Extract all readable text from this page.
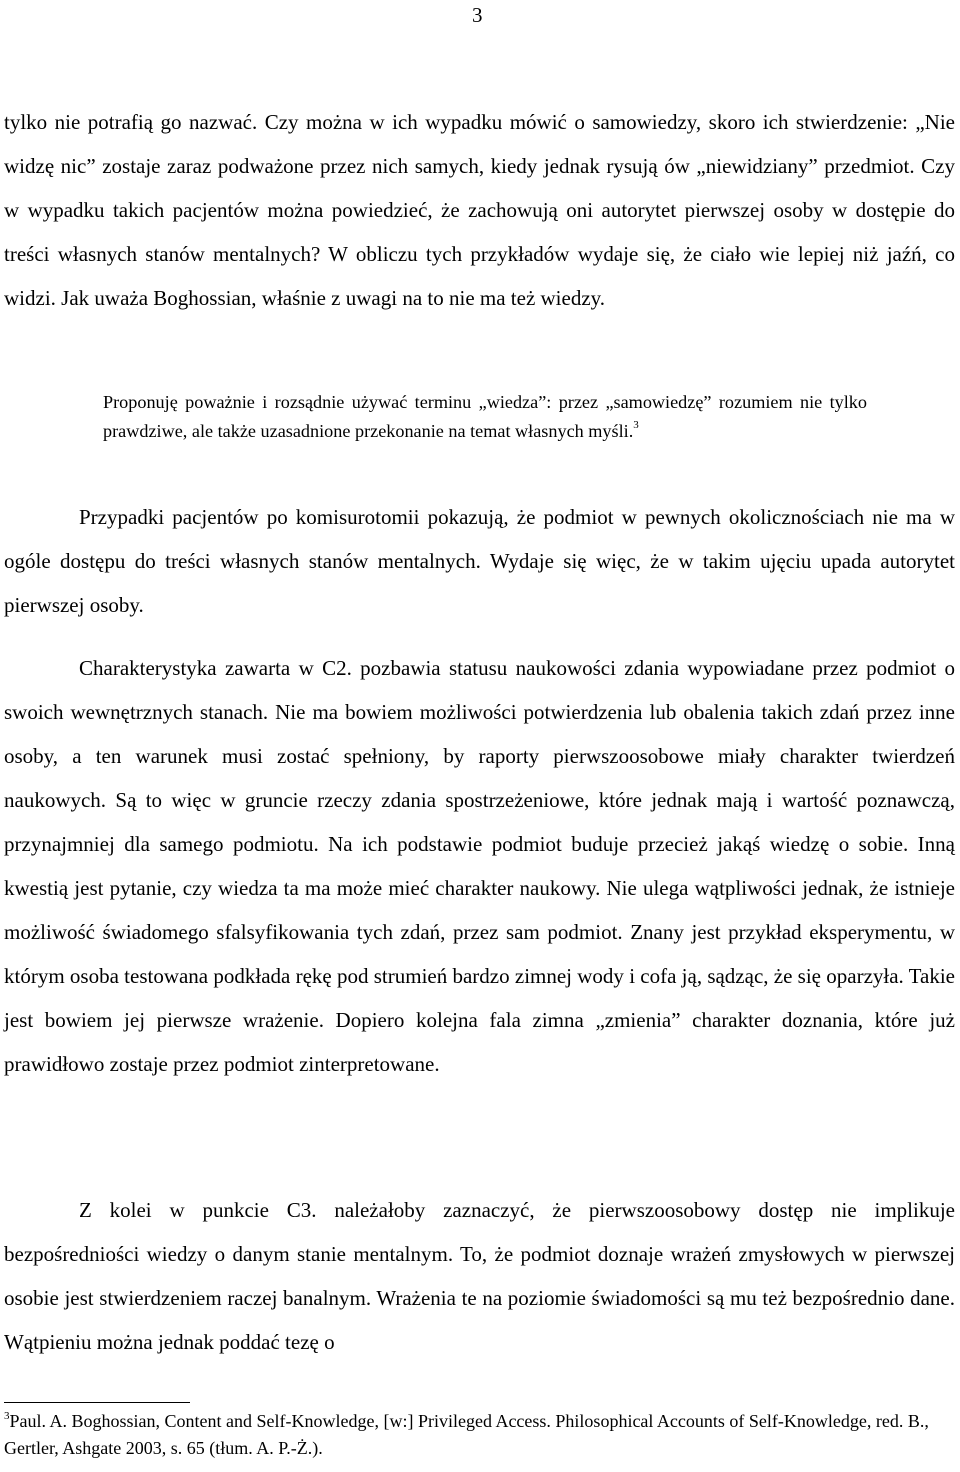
3

tylko nie potrafią go nazwać. Czy można w ich wypadku mówić o samowiedzy, skoro ich stwierdzenie: „Nie widzę nic” zostaje zaraz podważone przez nich samych, kiedy jednak rysują ów „niewidziany” przedmiot. Czy w wypadku takich pacjentów można powiedzieć, że zachowują oni autorytet pierwszej osoby w dostępie do treści własnych stanów mentalnych? W obliczu tych przykładów wydaje się, że ciało wie lepiej niż jaźń, co widzi. Jak uważa Boghossian, właśnie z uwagi na to nie ma też wiedzy.

Proponuję poważnie i rozsądnie używać terminu „wiedza”: przez „samowiedzę” rozumiem nie tylko prawdziwe, ale także uzasadnione przekonanie na temat własnych myśli.$^3$

Przypadki pacjentów po komisurotomii pokazują, że podmiot w pewnych okolicznościach nie ma w ogóle dostępu do treści własnych stanów mentalnych. Wydaje się więc, że w takim ujęciu upada autorytet pierwszej osoby.

Charakterystyka zawarta w C2. pozbawia statusu naukowości zdania wypowiadane przez podmiot o swoich wewnętrznych stanach. Nie ma bowiem możliwości potwierdzenia lub obalenia takich zdań przez inne osoby, a ten warunek musi zostać spełniony, by raporty pierwszoosobowe miały charakter twierdzeń naukowych. Są to więc w gruncie rzeczy zdania spostrzeżeniowe, które jednak mają i wartość poznawczą, przynajmniej dla samego podmiotu. Na ich podstawie podmiot buduje przecież jakąś wiedzę o sobie. Inną kwestią jest pytanie, czy wiedza ta ma może mieć charakter naukowy. Nie ulega wątpliwości jednak, że istnieje możliwość świadomego sfalsyfikowania tych zdań, przez sam podmiot. Znany jest przykład eksperymentu, w którym osoba testowana podkłada rękę pod strumień bardzo zimnej wody i cofa ją, sądząc, że się oparzyła. Takie jest bowiem jej pierwsze wrażenie. Dopiero kolejna fala zimna „zmienia” charakter doznania, które już prawidłowo zostaje przez podmiot zinterpretowane.

Z kolei w punkcie C3. należałoby zaznaczyć, że pierwszoosobowy dostęp nie implikuje bezpośredniości wiedzy o danym stanie mentalnym. To, że podmiot doznaje wrażeń zmysłowych w pierwszej osobie jest stwierdzeniem raczej banalnym. Wrażenia te na poziomie świadomości są mu też bezpośrednio dane. Wątpieniu można jednak poddać tezę o

$^3$Paul. A. Boghossian, Content and Self-Knowledge, [w:] Privileged Access. Philosophical Accounts of Self-Knowledge, red. B., Gertler, Ashgate 2003, s. 65 (tłum. A. P.-Ż.).
